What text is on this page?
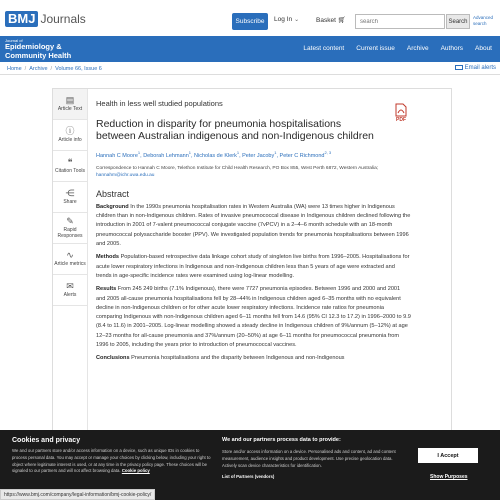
BMJ Journals	Subscribe	Log In ⌄	Basket 🛒︎
search	Search
Advanced
search
Journal of
Epidemiology &
Community Health
Latest content Current issue Archive Authors About
Home / Archive / Volume 66, Issue 6	Email alerts
▤
Article Text
ⓘ
Article info
❝
Citation Tools
⋲
Share
✎
Rapid Responses
∿
Article metrics
✉
Alerts
Health in less well studied populations
Reduction in disparity for pneumonia hospitalisations between Australian indigenous and non-Indigenous children
Hannah C Moore$^1$, Deborah Lehmann$^1$, Nicholas de Klerk$^1$, Peter Jacoby$^1$, Peter C Richmond$^{2, 3}$
Correspondence to Hannah C Moore, Telethon Institute for Child Health Research, PO Box 855, West Perth 6872, Western Australia; hannahm@ichr.uwa.edu.au
Abstract
Background In the 1990s pneumonia hospitalisation rates in Western Australia (WA) were 13 times higher in Indigenous children than in non-Indigenous children. Rates of invasive pneumococcal disease in Indigenous children declined following the introduction in 2001 of 7-valent pneumococcal conjugate vaccine (7vPCV) in a 2–4–6 month schedule with an 18-month pneumococcal polysaccharide booster (PPV). We investigated population trends for pneumonia hospitalisations between 1996 and 2005.
Methods Population-based retrospective data linkage cohort study of singleton live births from 1996–2005. Hospitalisations for acute lower respiratory infections in Indigenous and non-Indigenous children less than 5 years of age were extracted and trends in age-specific incidence rates were examined using log-linear modelling.
Results From 245 249 births (7.1% Indigenous), there were 7727 pneumonia episodes. Between 1996 and 2000 and 2001 and 2005 all-cause pneumonia hospitalisations fell by 28–44% in Indigenous children aged 6–35 months with no equivalent decline in non-Indigenous children or for other acute lower respiratory infections. Incidence rate ratios for pneumonia comparing Indigenous with non-Indigenous children aged 6–11 months fell from 14.6 (95% CI 12.3 to 17.2) in 1996–2000 to 9.9 (8.4 to 11.6) in 2001–2005. Log-linear modelling showed a steady decline in Indigenous children of 9%/annum (5–12%) at age 12–23 months for all-cause pneumonia and 37%/annum (20–50%) at age 6–11 months for pneumococcal pneumonia from 1996 to 2005, including the years prior to introduction of pneumococcal vaccines.
Conclusions Pneumonia hospitalisations and the disparity between Indigenous and non-Indigenous
PDF
Cookies and privacy
We and our partners store and/or access information on a device, such as unique IDs in cookies to process personal data. You may accept or manage your choices by clicking below, including your right to object where legitimate interest is used, or at any time in the privacy policy page. These choices will be signaled to our partners and will not affect browsing data. Cookie policy
We and our partners process data to provide:
Store and/or access information on a device. Personalised ads and content, ad and content measurement, audience insights and product development. Use precise geolocation data. Actively scan device characteristics for identification.
List of Partners (vendors)
I Accept
Show Purposes
https://www.bmj.com/company/legal-information/bmj-cookie-policy/
